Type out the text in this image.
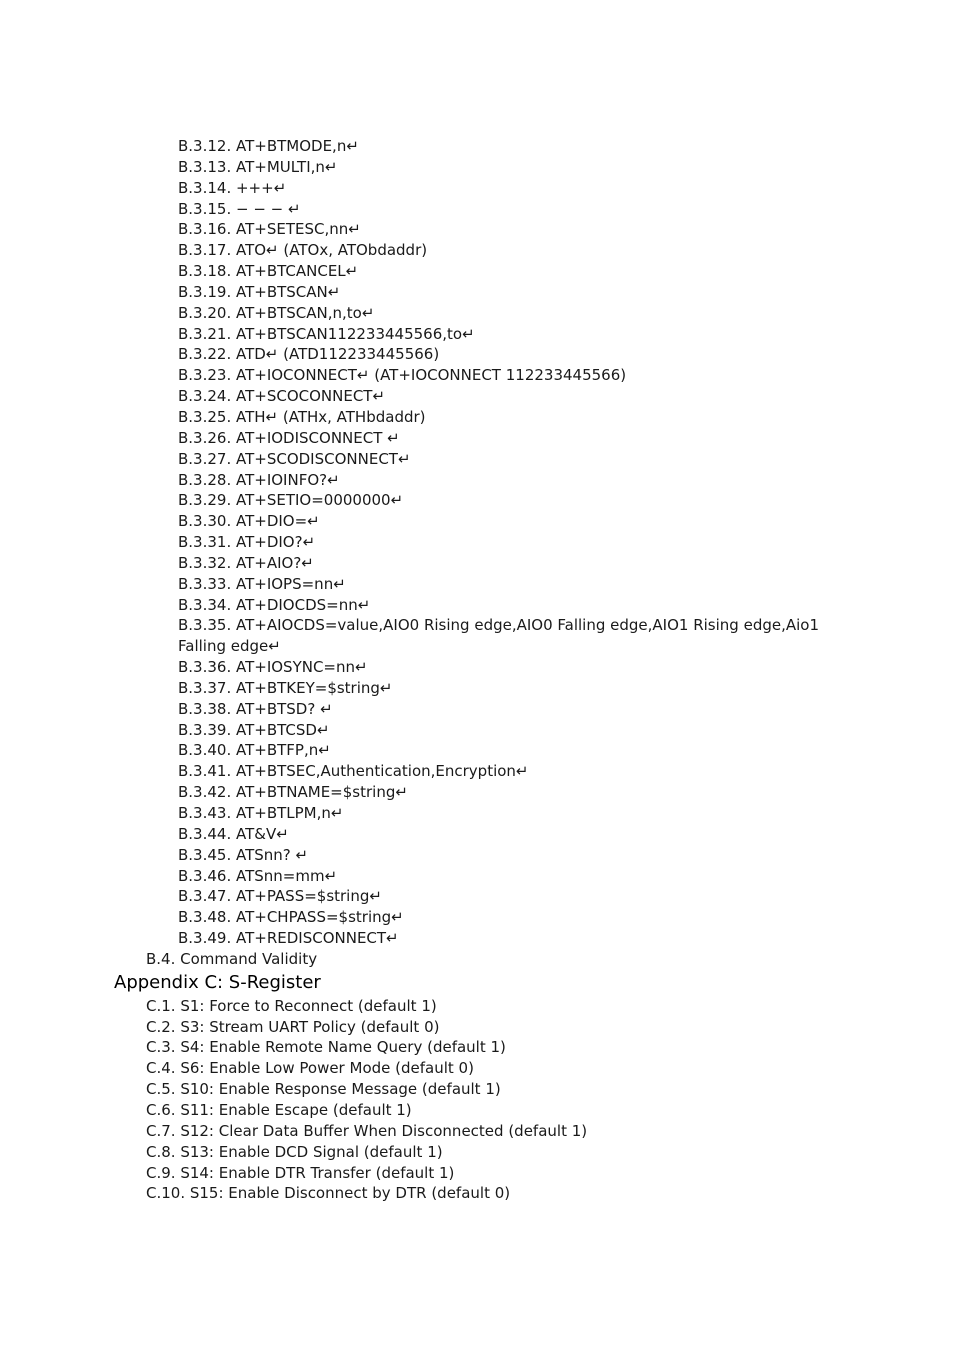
B.3.12. AT+BTMODE,n↵
B.3.13. AT+MULTI,n↵
B.3.14. +++↵
B.3.15. − − − ↵
B.3.16. AT+SETESC,nn↵
B.3.17. ATO↵ (ATOx, ATObdaddr)
B.3.18. AT+BTCANCEL↵
B.3.19. AT+BTSCAN↵
B.3.20. AT+BTSCAN,n,to↵
B.3.21. AT+BTSCAN112233445566,to↵
B.3.22. ATD↵ (ATD112233445566)
B.3.23. AT+IOCONNECT↵ (AT+IOCONNECT 112233445566)
B.3.24. AT+SCOCONNECT↵
B.3.25. ATH↵ (ATHx, ATHbdaddr)
B.3.26. AT+IODISCONNECT ↵
B.3.27. AT+SCODISCONNECT↵
B.3.28. AT+IOINFO?↵
B.3.29. AT+SETIO=0000000↵
B.3.30. AT+DIO=↵
B.3.31. AT+DIO?↵
B.3.32. AT+AIO?↵
B.3.33. AT+IOPS=nn↵
B.3.34. AT+DIOCDS=nn↵
B.3.35. AT+AIOCDS=value,AIO0 Rising edge,AIO0 Falling edge,AIO1 Rising edge,Aio1 Falling edge↵
B.3.36. AT+IOSYNC=nn↵
B.3.37. AT+BTKEY=$string↵
B.3.38. AT+BTSD? ↵
B.3.39. AT+BTCSD↵
B.3.40. AT+BTFP,n↵
B.3.41. AT+BTSEC,Authentication,Encryption↵
B.3.42. AT+BTNAME=$string↵
B.3.43. AT+BTLPM,n↵
B.3.44. AT&V↵
B.3.45. ATSnn? ↵
B.3.46. ATSnn=mm↵
B.3.47. AT+PASS=$string↵
B.3.48. AT+CHPASS=$string↵
B.3.49. AT+REDISCONNECT↵
B.4. Command Validity
Appendix C: S-Register
C.1. S1: Force to Reconnect (default 1)
C.2. S3: Stream UART Policy (default 0)
C.3. S4: Enable Remote Name Query (default 1)
C.4. S6: Enable Low Power Mode (default 0)
C.5. S10: Enable Response Message (default 1)
C.6. S11: Enable Escape (default 1)
C.7. S12: Clear Data Buffer When Disconnected (default 1)
C.8. S13: Enable DCD Signal (default 1)
C.9. S14: Enable DTR Transfer (default 1)
C.10. S15: Enable Disconnect by DTR (default 0)
